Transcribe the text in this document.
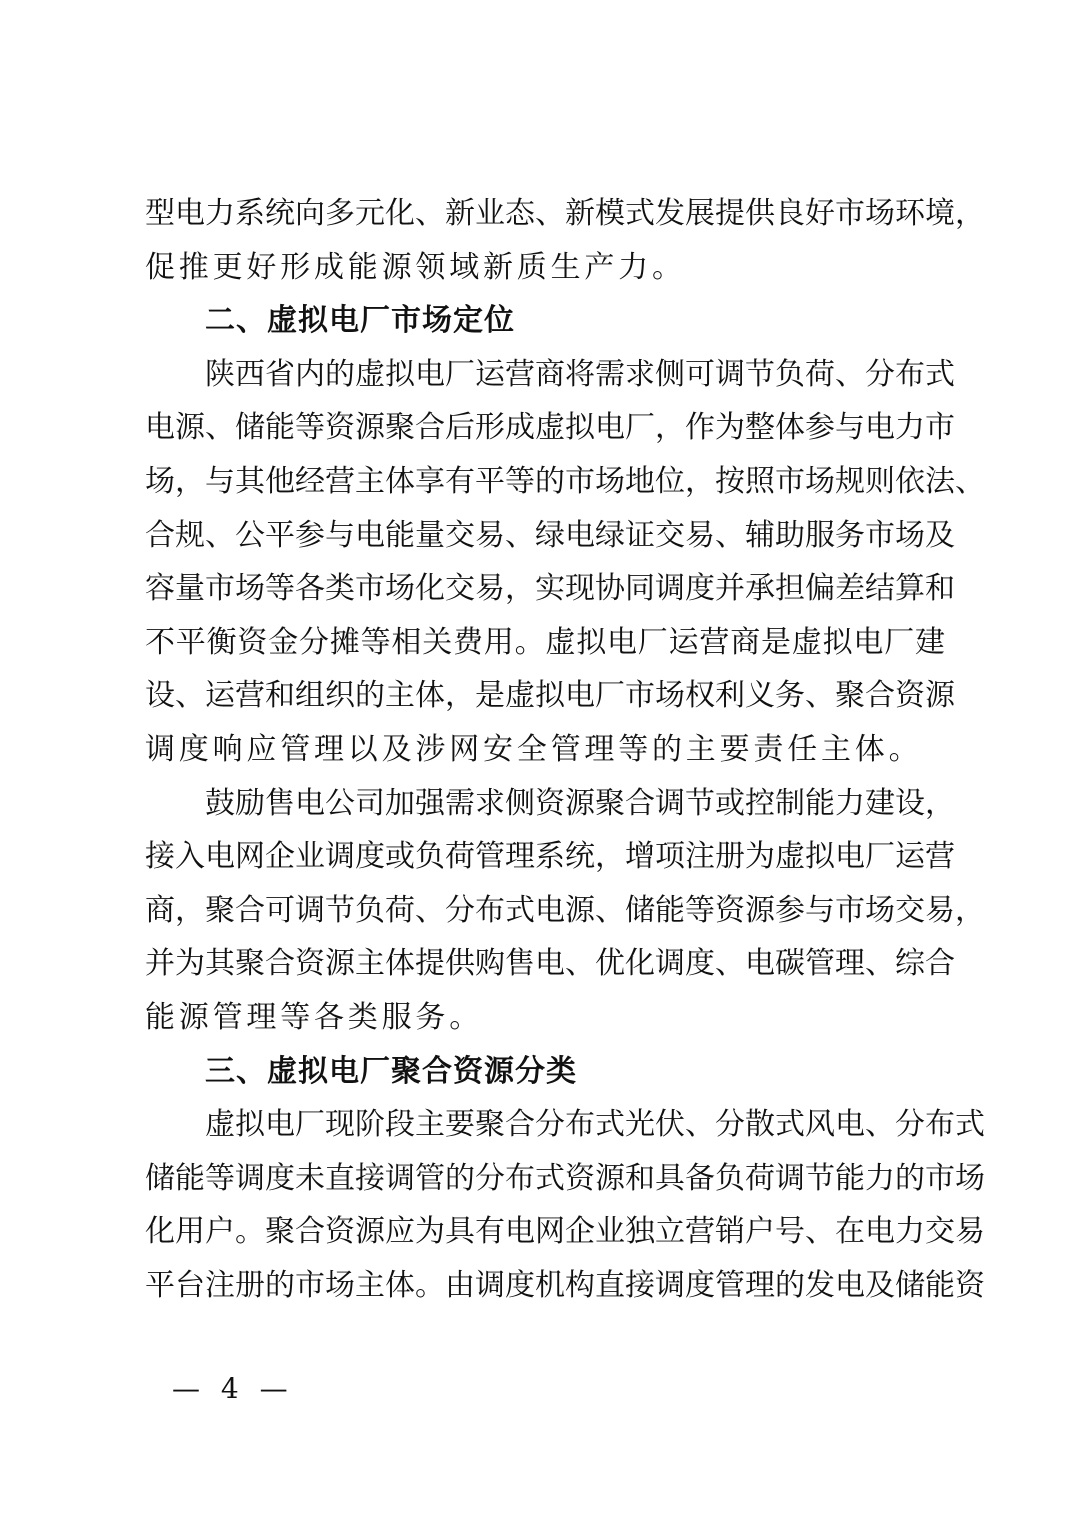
型电力系统向多元化、新业态、新模式发展提供良好市场环境，
促推更好形成能源领域新质生产力。
二、虚拟电厂市场定位
陕西省内的虚拟电厂运营商将需求侧可调节负荷、分布式
电源、储能等资源聚合后形成虚拟电厂，作为整体参与电力市
场，与其他经营主体享有平等的市场地位，按照市场规则依法、
合规、公平参与电能量交易、绿电绿证交易、辅助服务市场及
容量市场等各类市场化交易，实现协同调度并承担偏差结算和
不平衡资金分摊等相关费用。虚拟电厂运营商是虚拟电厂建
设、运营和组织的主体，是虚拟电厂市场权利义务、聚合资源
调度响应管理以及涉网安全管理等的主要责任主体。
鼓励售电公司加强需求侧资源聚合调节或控制能力建设，
接入电网企业调度或负荷管理系统，增项注册为虚拟电厂运营
商，聚合可调节负荷、分布式电源、储能等资源参与市场交易，
并为其聚合资源主体提供购售电、优化调度、电碳管理、综合
能源管理等各类服务。
三、虚拟电厂聚合资源分类
虚拟电厂现阶段主要聚合分布式光伏、分散式风电、分布式
储能等调度未直接调管的分布式资源和具备负荷调节能力的市场
化用户。聚合资源应为具有电网企业独立营销户号、在电力交易
平台注册的市场主体。由调度机构直接调度管理的发电及储能资
— 4 —
